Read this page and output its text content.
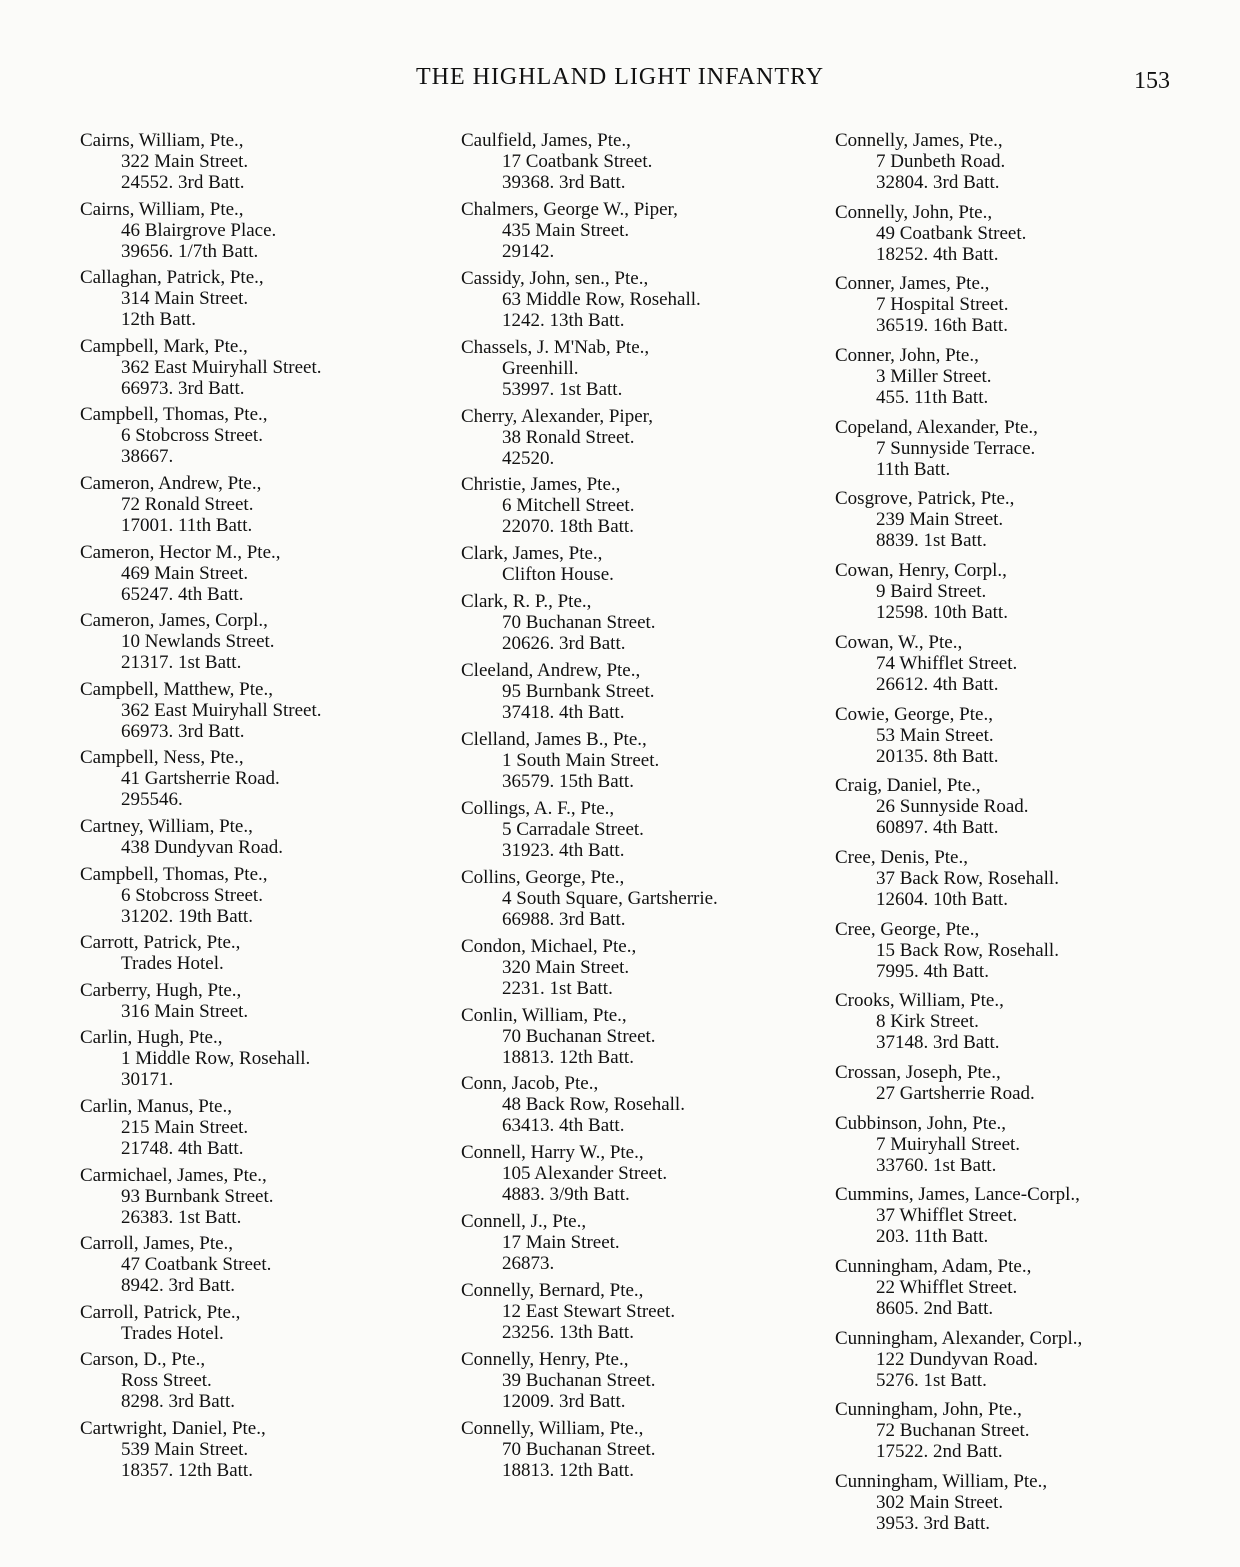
THE HIGHLAND LIGHT INFANTRY	153
Cairns, William, Pte.,
322 Main Street.
24552. 3rd Batt.
Cairns, William, Pte.,
46 Blairgrove Place.
39656. 1/7th Batt.
Callaghan, Patrick, Pte.,
314 Main Street.
12th Batt.
Campbell, Mark, Pte.,
362 East Muiryhall Street.
66973. 3rd Batt.
Campbell, Thomas, Pte.,
6 Stobcross Street.
38667.
Cameron, Andrew, Pte.,
72 Ronald Street.
17001. 11th Batt.
Cameron, Hector M., Pte.,
469 Main Street.
65247. 4th Batt.
Cameron, James, Corpl.,
10 Newlands Street.
21317. 1st Batt.
Campbell, Matthew, Pte.,
362 East Muiryhall Street.
66973. 3rd Batt.
Campbell, Ness, Pte.,
41 Gartsherrie Road.
295546.
Cartney, William, Pte.,
438 Dundyvan Road.
Campbell, Thomas, Pte.,
6 Stobcross Street.
31202. 19th Batt.
Carrott, Patrick, Pte.,
Trades Hotel.
Carberry, Hugh, Pte.,
316 Main Street.
Carlin, Hugh, Pte.,
1 Middle Row, Rosehall.
30171.
Carlin, Manus, Pte.,
215 Main Street.
21748. 4th Batt.
Carmichael, James, Pte.,
93 Burnbank Street.
26383. 1st Batt.
Carroll, James, Pte.,
47 Coatbank Street.
8942. 3rd Batt.
Carroll, Patrick, Pte.,
Trades Hotel.
Carson, D., Pte.,
Ross Street.
8298. 3rd Batt.
Cartwright, Daniel, Pte.,
539 Main Street.
18357. 12th Batt.
Caulfield, James, Pte.,
17 Coatbank Street.
39368. 3rd Batt.
Chalmers, George W., Piper,
435 Main Street.
29142.
Cassidy, John, sen., Pte.,
63 Middle Row, Rosehall.
1242. 13th Batt.
Chassels, J. M'Nab, Pte.,
Greenhill.
53997. 1st Batt.
Cherry, Alexander, Piper,
38 Ronald Street.
42520.
Christie, James, Pte.,
6 Mitchell Street.
22070. 18th Batt.
Clark, James, Pte.,
Clifton House.
Clark, R. P., Pte.,
70 Buchanan Street.
20626. 3rd Batt.
Cleeland, Andrew, Pte.,
95 Burnbank Street.
37418. 4th Batt.
Clelland, James B., Pte.,
1 South Main Street.
36579. 15th Batt.
Collings, A. F., Pte.,
5 Carradale Street.
31923. 4th Batt.
Collins, George, Pte.,
4 South Square, Gartsherrie.
66988. 3rd Batt.
Condon, Michael, Pte.,
320 Main Street.
2231. 1st Batt.
Conlin, William, Pte.,
70 Buchanan Street.
18813. 12th Batt.
Conn, Jacob, Pte.,
48 Back Row, Rosehall.
63413. 4th Batt.
Connell, Harry W., Pte.,
105 Alexander Street.
4883. 3/9th Batt.
Connell, J., Pte.,
17 Main Street.
26873.
Connelly, Bernard, Pte.,
12 East Stewart Street.
23256. 13th Batt.
Connelly, Henry, Pte.,
39 Buchanan Street.
12009. 3rd Batt.
Connelly, William, Pte.,
70 Buchanan Street.
18813. 12th Batt.
Connelly, James, Pte.,
7 Dunbeth Road.
32804. 3rd Batt.
Connelly, John, Pte.,
49 Coatbank Street.
18252. 4th Batt.
Conner, James, Pte.,
7 Hospital Street.
36519. 16th Batt.
Conner, John, Pte.,
3 Miller Street.
455. 11th Batt.
Copeland, Alexander, Pte.,
7 Sunnyside Terrace.
11th Batt.
Cosgrove, Patrick, Pte.,
239 Main Street.
8839. 1st Batt.
Cowan, Henry, Corpl.,
9 Baird Street.
12598. 10th Batt.
Cowan, W., Pte.,
74 Whifflet Street.
26612. 4th Batt.
Cowie, George, Pte.,
53 Main Street.
20135. 8th Batt.
Craig, Daniel, Pte.,
26 Sunnyside Road.
60897. 4th Batt.
Cree, Denis, Pte.,
37 Back Row, Rosehall.
12604. 10th Batt.
Cree, George, Pte.,
15 Back Row, Rosehall.
7995. 4th Batt.
Crooks, William, Pte.,
8 Kirk Street.
37148. 3rd Batt.
Crossan, Joseph, Pte.,
27 Gartsherrie Road.
Cubbinson, John, Pte.,
7 Muiryhall Street.
33760. 1st Batt.
Cummins, James, Lance-Corpl.,
37 Whifflet Street.
203. 11th Batt.
Cunningham, Adam, Pte.,
22 Whifflet Street.
8605. 2nd Batt.
Cunningham, Alexander, Corpl.,
122 Dundyvan Road.
5276. 1st Batt.
Cunningham, John, Pte.,
72 Buchanan Street.
17522. 2nd Batt.
Cunningham, William, Pte.,
302 Main Street.
3953. 3rd Batt.
